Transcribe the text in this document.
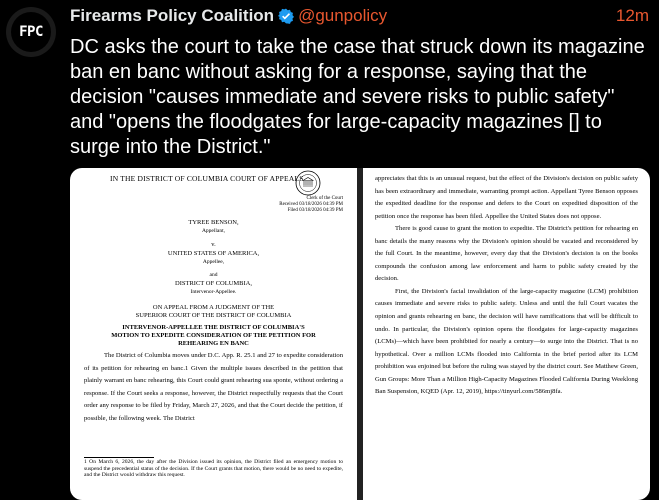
FPC
Firearms Policy Coalition @gunpolicy	12m
DC asks the court to take the case that struck down its magazine ban en banc without asking for a response, saying that the decision "causes immediate and severe risks to public safety" and "opens the floodgates for large-capacity magazines [] to surge into the District."
IN THE DISTRICT OF COLUMBIA COURT OF APPEALS
Clerk of the Court
Received 03/18/2026 04:39 PM
Filed 03/18/2026 04:39 PM
TYREE BENSON,
Appellant,
v.
UNITED STATES OF AMERICA,
Appellee,
and
DISTRICT OF COLUMBIA,
Intervenor-Appellee.
ON APPEAL FROM A JUDGMENT OF THE
SUPERIOR COURT OF THE DISTRICT OF COLUMBIA
INTERVENOR-APPELLEE THE DISTRICT OF COLUMBIA'S
MOTION TO EXPEDITE CONSIDERATION OF THE PETITION FOR
REHEARING EN BANC
The District of Columbia moves under D.C. App. R. 25.1 and 27 to expedite consideration of its petition for rehearing en banc.1 Given the multiple issues described in the petition that plainly warrant en banc rehearing, this Court could grant rehearing sua sponte, without ordering a response. If the Court seeks a response, however, the District respectfully requests that the Court order any response to be filed by Friday, March 27, 2026, and that the Court decide the petition, if possible, the following week. The District
1 On March 6, 2026, the day after the Division issued its opinion, the District filed an emergency motion to suspend the precedential status of the decision. If the Court grants that motion, there would be no need to expedite, and the District would withdraw this request.
appreciates that this is an unusual request, but the effect of the Division's decision on public safety has been extraordinary and immediate, warranting prompt action. Appellant Tyree Benson opposes the expedited deadline for the response and defers to the Court on expedited disposition of the petition once the response has been filed. Appellee the United States does not oppose.
There is good cause to grant the motion to expedite. The District's petition for rehearing en banc details the many reasons why the Division's opinion should be vacated and reconsidered by the full Court. In the meantime, however, every day that the Division's decision is on the books compounds the confusion among law enforcement and harm to public safety created by the decision.
First, the Division's facial invalidation of the large-capacity magazine (LCM) prohibition causes immediate and severe risks to public safety. Unless and until the full Court vacates the opinion and grants rehearing en banc, the decision will have ramifications that will be difficult to undo. In particular, the Division's opinion opens the floodgates for large-capacity magazines (LCMs)—which have been prohibited for nearly a century—to surge into the District. That is no hypothetical. Over a million LCMs flooded into California in the brief period after its LCM prohibition was enjoined but before the ruling was stayed by the district court. See Matthew Green, Gun Groups: More Than a Million High-Capacity Magazines Flooded California During Weeklong Ban Suspension, KQED (Apr. 12, 2019), https://tinyurl.com/586mj8fa.
